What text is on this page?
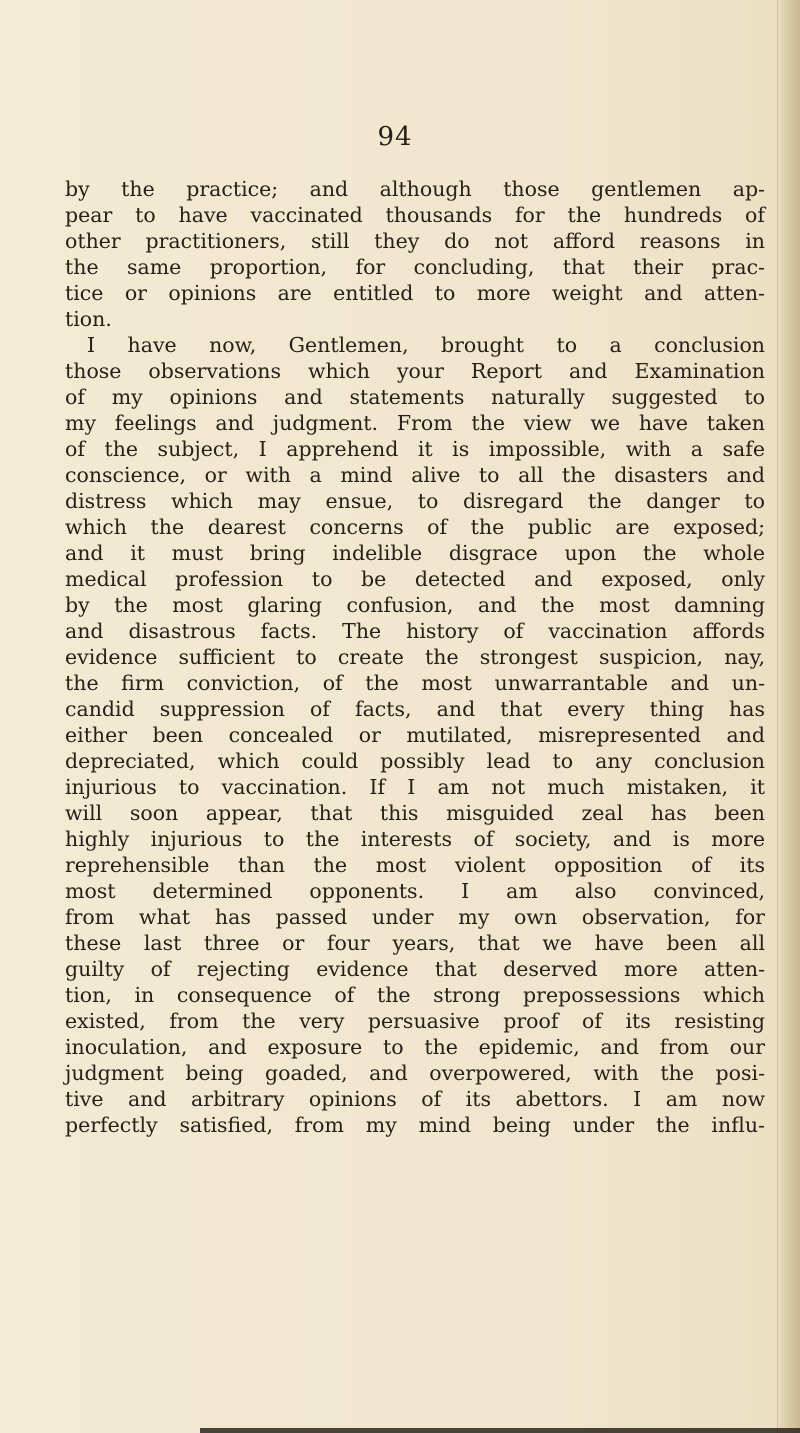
94
by the practice; and although those gentlemen ap-
pear to have vaccinated thousands for the hundreds of
other practitioners, still they do not afford reasons in
the same proportion, for concluding, that their prac-
tice or opinions are entitled to more weight and atten-
tion.
I have now, Gentlemen, brought to a conclusion
those observations which your Report and Examination
of my opinions and statements naturally suggested to
my feelings and judgment. From the view we have taken
of the subject, I apprehend it is impossible, with a safe
conscience, or with a mind alive to all the disasters and
distress which may ensue, to disregard the danger to
which the dearest concerns of the public are exposed;
and it must bring indelible disgrace upon the whole
medical profession to be detected and exposed, only
by the most glaring confusion, and the most damning
and disastrous facts. The history of vaccination affords
evidence sufficient to create the strongest suspicion, nay,
the firm conviction, of the most unwarrantable and un-
candid suppression of facts, and that every thing has
either been concealed or mutilated, misrepresented and
depreciated, which could possibly lead to any conclusion
injurious to vaccination. If I am not much mistaken, it
will soon appear, that this misguided zeal has been
highly injurious to the interests of society, and is more
reprehensible than the most violent opposition of its
most determined opponents. I am also convinced,
from what has passed under my own observation, for
these last three or four years, that we have been all
guilty of rejecting evidence that deserved more atten-
tion, in consequence of the strong prepossessions which
existed, from the very persuasive proof of its resisting
inoculation, and exposure to the epidemic, and from our
judgment being goaded, and overpowered, with the posi-
tive and arbitrary opinions of its abettors. I am now
perfectly satisfied, from my mind being under the influ-
